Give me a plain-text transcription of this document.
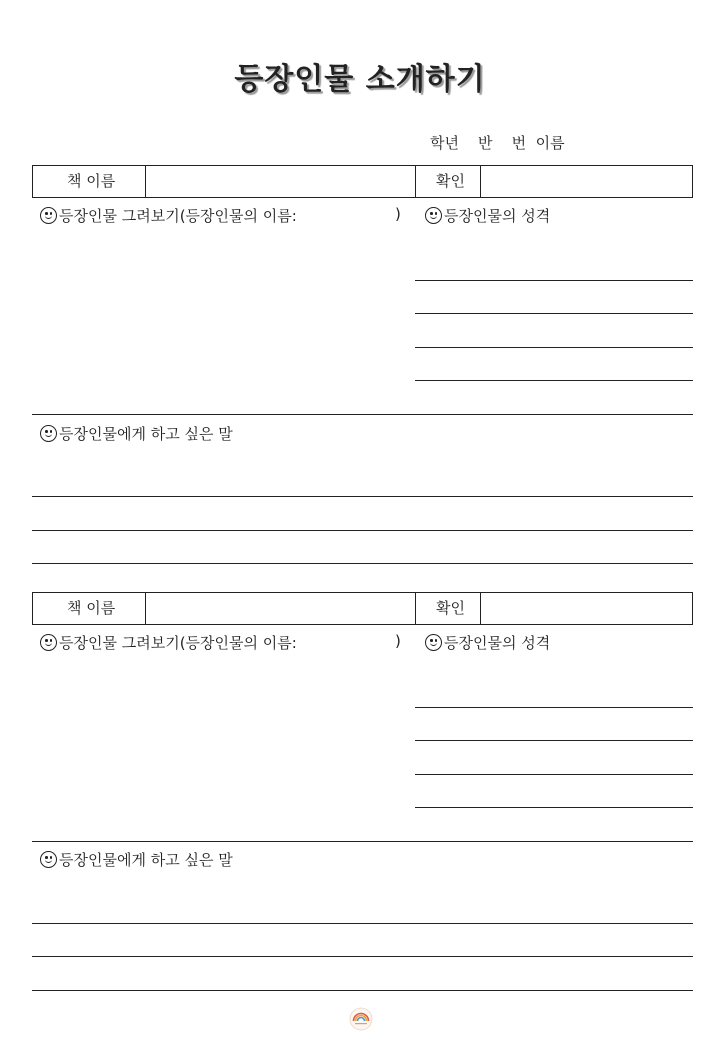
등장인물 소개하기
학년    반    번  이름
책 이름	확인
등장인물 그려보기(등장인물의 이름:	)	등장인물의 성격
등장인물에게 하고 싶은 말
책 이름	확인
등장인물 그려보기(등장인물의 이름:	)	등장인물의 성격
등장인물에게 하고 싶은 말
